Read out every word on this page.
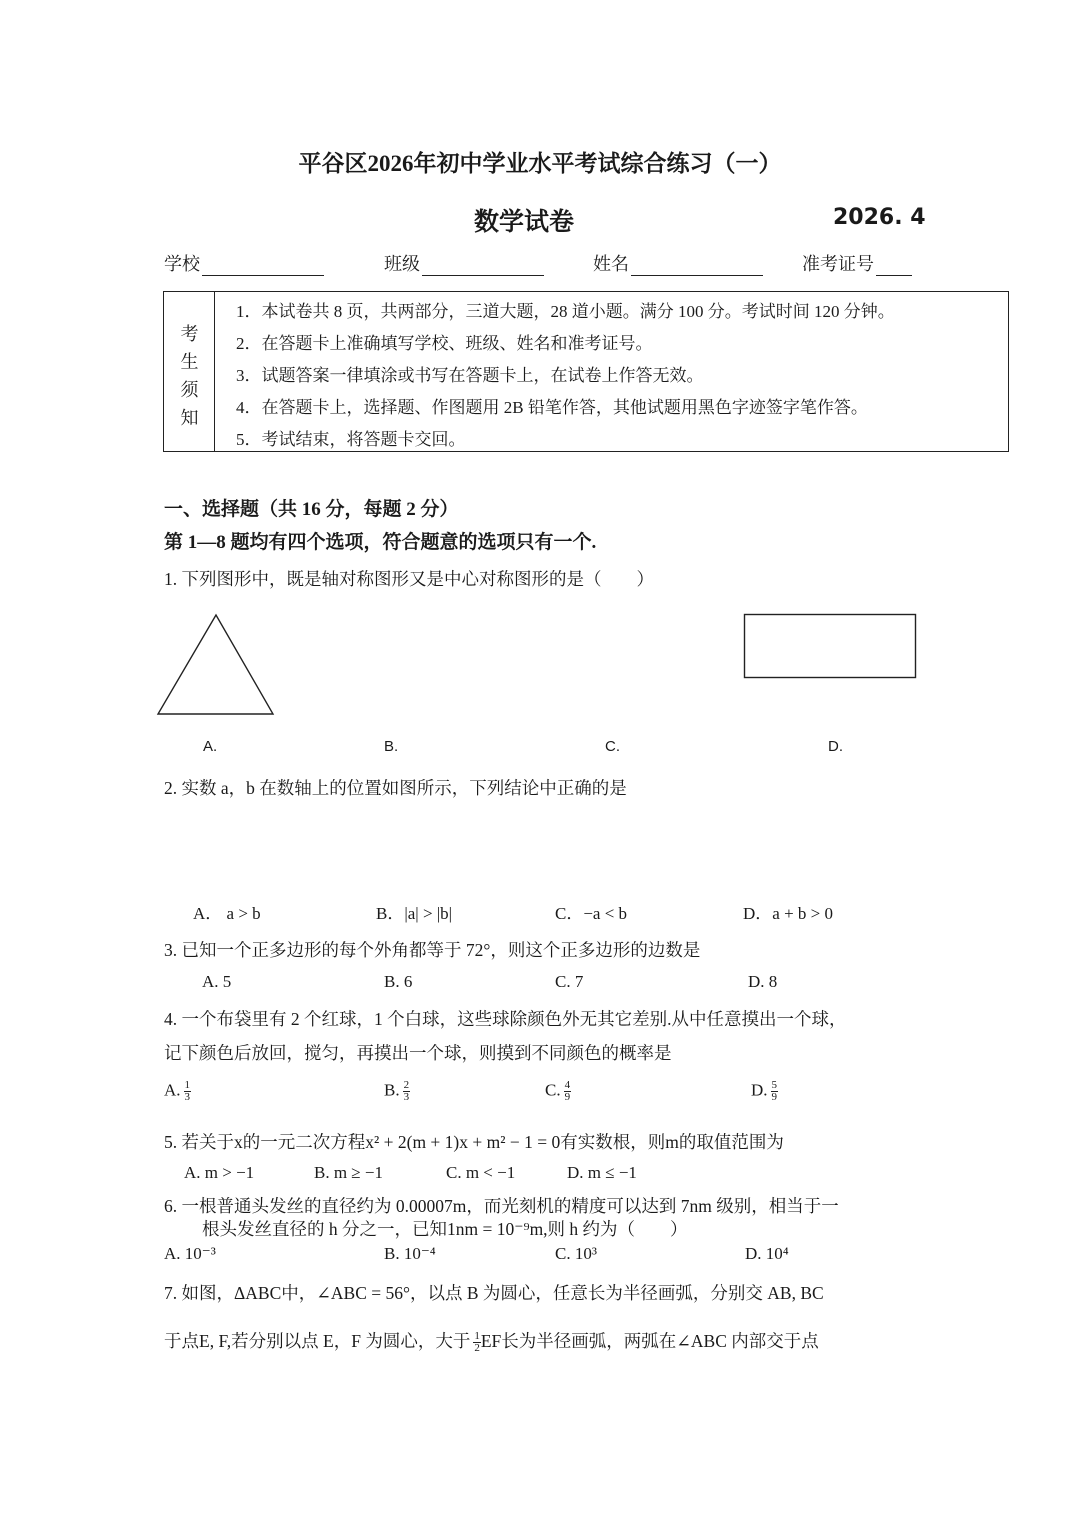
平谷区2026年初中学业水平考试综合练习（一）
数学试卷	2026. 4
学校	班级	姓名	准考证号
考
生
须
知
1．本试卷共 8 页，共两部分，三道大题，28 道小题。满分 100 分。考试时间 120 分钟。
2．在答题卡上准确填写学校、班级、姓名和准考证号。
3．试题答案一律填涂或书写在答题卡上，在试卷上作答无效。
4．在答题卡上，选择题、作图题用 2B 铅笔作答，其他试题用黑色字迹签字笔作答。
5．考试结束，将答题卡交回。
一、选择题（共 16 分，每题 2 分）
第 1—8 题均有四个选项，符合题意的选项只有一个.
1. 下列图形中，既是轴对称图形又是中心对称图形的是（　　）
A.	B.	C.	D.
2. 实数 a，b 在数轴上的位置如图所示，下列结论中正确的是
A． a > b	B．|a| > |b|	C．−a < b	D．a + b > 0
3. 已知一个正多边形的每个外角都等于 72°，则这个正多边形的边数是
A. 5	B. 6	C. 7	D. 8
4. 一个布袋里有 2 个红球，1 个白球，这些球除颜色外无其它差别.从中任意摸出一个球，
记下颜色后放回，搅匀，再摸出一个球，则摸到不同颜色的概率是
A. $\frac{1}{3}$	B. $\frac{2}{3}$	C. $\frac{4}{9}$	D. $\frac{5}{9}$
5. 若关于x的一元二次方程x² + 2(m + 1)x + m² − 1 = 0有实数根，则m的取值范围为
A. m > −1	B. m ≥ −1	C. m < −1	D. m ≤ −1
6. 一根普通头发丝的直径约为 0.00007m，而光刻机的精度可以达到 7nm 级别，相当于一
根头发丝直径的 h 分之一，已知1nm = 10⁻⁹m,则 h 约为（　　）
A. 10⁻³	B. 10⁻⁴	C. 10³	D. 10⁴
7. 如图，ΔABC中，∠ABC = 56°，以点 B 为圆心，任意长为半径画弧，分别交 AB, BC
于点E, F,若分别以点 E，F 为圆心，大于 $\frac{1}{2}$ EF长为半径画弧，两弧在∠ABC 内部交于点
